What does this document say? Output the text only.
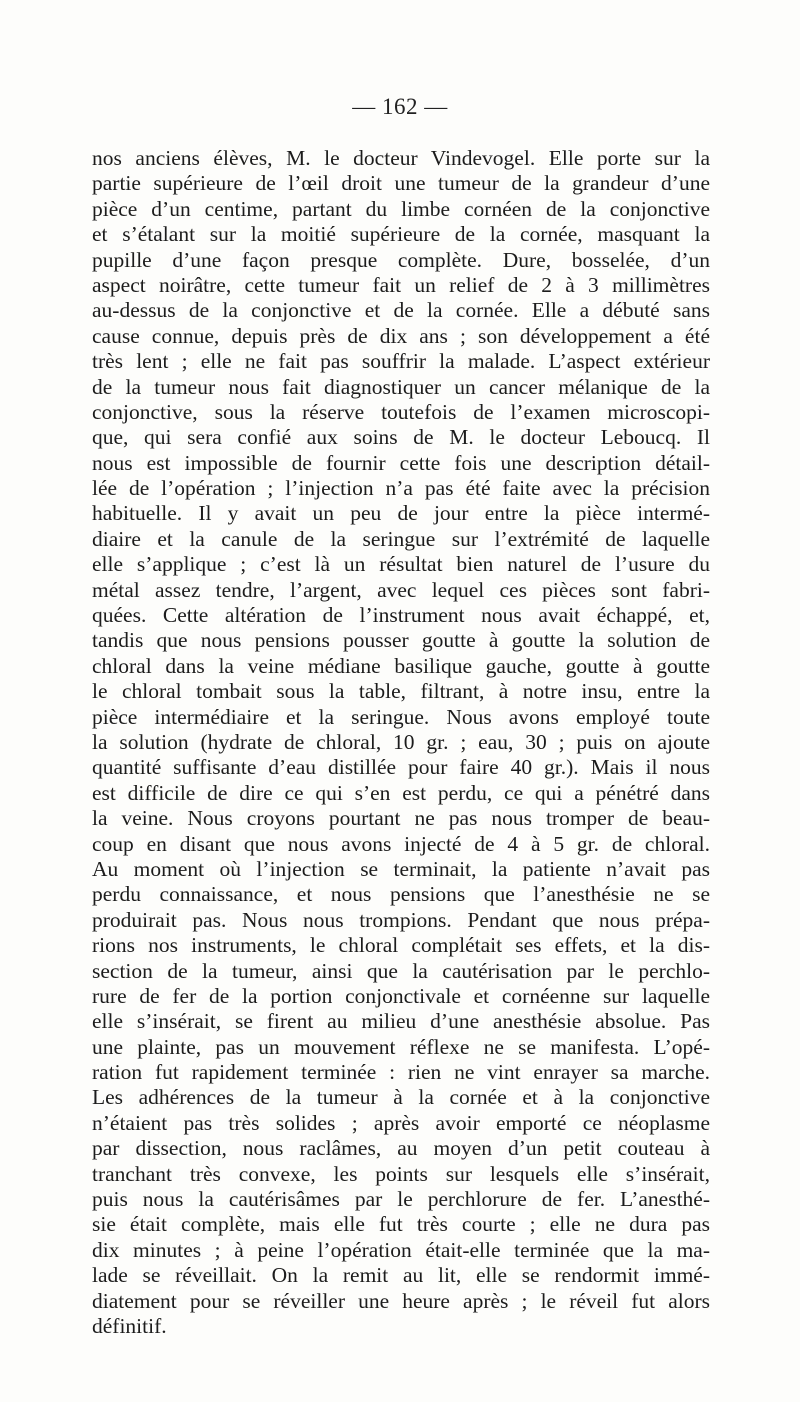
— 162 —
nos anciens élèves, M. le docteur Vindevogel. Elle porte sur la
partie supérieure de l’œil droit une tumeur de la grandeur d’une
pièce d’un centime, partant du limbe cornéen de la conjonctive
et s’étalant sur la moitié supérieure de la cornée, masquant la
pupille d’une façon presque complète. Dure, bosselée, d’un
aspect noirâtre, cette tumeur fait un relief de 2 à 3 millimètres
au-dessus de la conjonctive et de la cornée. Elle a débuté sans
cause connue, depuis près de dix ans ; son développement a été
très lent ; elle ne fait pas souffrir la malade. L’aspect extérieur
de la tumeur nous fait diagnostiquer un cancer mélanique de la
conjonctive, sous la réserve toutefois de l’examen microscopi-
que, qui sera confié aux soins de M. le docteur Leboucq. Il
nous est impossible de fournir cette fois une description détail-
lée de l’opération ; l’injection n’a pas été faite avec la précision
habituelle. Il y avait un peu de jour entre la pièce intermé-
diaire et la canule de la seringue sur l’extrémité de laquelle
elle s’applique ; c’est là un résultat bien naturel de l’usure du
métal assez tendre, l’argent, avec lequel ces pièces sont fabri-
quées. Cette altération de l’instrument nous avait échappé, et,
tandis que nous pensions pousser goutte à goutte la solution de
chloral dans la veine médiane basilique gauche, goutte à goutte
le chloral tombait sous la table, filtrant, à notre insu, entre la
pièce intermédiaire et la seringue. Nous avons employé toute
la solution (hydrate de chloral, 10 gr. ; eau, 30 ; puis on ajoute
quantité suffisante d’eau distillée pour faire 40 gr.). Mais il nous
est difficile de dire ce qui s’en est perdu, ce qui a pénétré dans
la veine. Nous croyons pourtant ne pas nous tromper de beau-
coup en disant que nous avons injecté de 4 à 5 gr. de chloral.
Au moment où l’injection se terminait, la patiente n’avait pas
perdu connaissance, et nous pensions que l’anesthésie ne se
produirait pas. Nous nous trompions. Pendant que nous prépa-
rions nos instruments, le chloral complétait ses effets, et la dis-
section de la tumeur, ainsi que la cautérisation par le perchlo-
rure de fer de la portion conjonctivale et cornéenne sur laquelle
elle s’insérait, se firent au milieu d’une anesthésie absolue. Pas
une plainte, pas un mouvement réflexe ne se manifesta. L’opé-
ration fut rapidement terminée : rien ne vint enrayer sa marche.
Les adhérences de la tumeur à la cornée et à la conjonctive
n’étaient pas très solides ; après avoir emporté ce néoplasme
par dissection, nous raclâmes, au moyen d’un petit couteau à
tranchant très convexe, les points sur lesquels elle s’insérait,
puis nous la cautérisâmes par le perchlorure de fer. L’anesthé-
sie était complète, mais elle fut très courte ; elle ne dura pas
dix minutes ; à peine l’opération était-elle terminée que la ma-
lade se réveillait. On la remit au lit, elle se rendormit immé-
diatement pour se réveiller une heure après ; le réveil fut alors
définitif.
